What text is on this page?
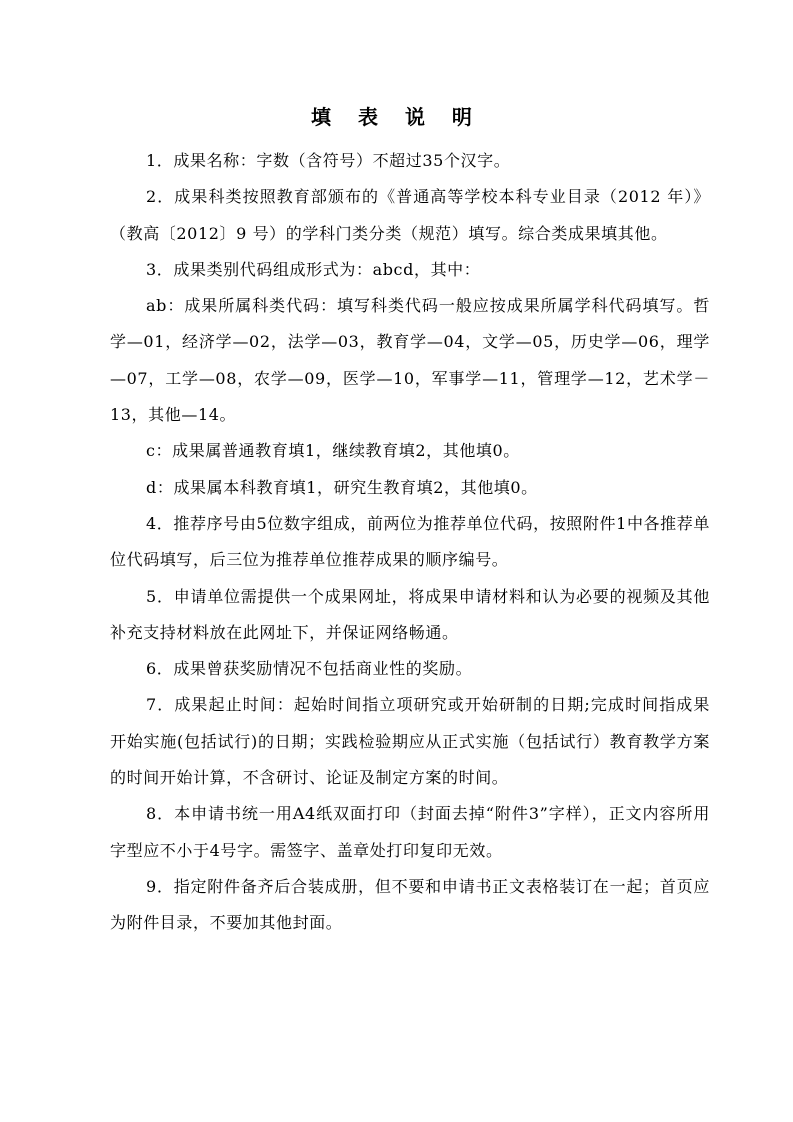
填 表 说 明

1．成果名称：字数（含符号）不超过35个汉字。

2．成果科类按照教育部颁布的《普通高等学校本科专业目录（2012 年）》（教高〔2012〕9 号）的学科门类分类（规范）填写。综合类成果填其他。

3．成果类别代码组成形式为：abcd，其中：

ab：成果所属科类代码：填写科类代码一般应按成果所属学科代码填写。哲学—01，经济学—02，法学—03，教育学—04，文学—05，历史学—06，理学—07，工学—08，农学—09，医学—10，军事学—11，管理学—12，艺术学－13，其他—14。

c：成果属普通教育填1，继续教育填2，其他填0。

d：成果属本科教育填1，研究生教育填2，其他填0。

4．推荐序号由5位数字组成，前两位为推荐单位代码，按照附件1中各推荐单位代码填写，后三位为推荐单位推荐成果的顺序编号。

5．申请单位需提供一个成果网址，将成果申请材料和认为必要的视频及其他补充支持材料放在此网址下，并保证网络畅通。

6．成果曾获奖励情况不包括商业性的奖励。

7．成果起止时间：起始时间指立项研究或开始研制的日期;完成时间指成果开始实施(包括试行)的日期；实践检验期应从正式实施（包括试行）教育教学方案的时间开始计算，不含研讨、论证及制定方案的时间。

8．本申请书统一用A4纸双面打印（封面去掉“附件3”字样），正文内容所用字型应不小于4号字。需签字、盖章处打印复印无效。

9．指定附件备齐后合装成册，但不要和申请书正文表格装订在一起；首页应为附件目录，不要加其他封面。
